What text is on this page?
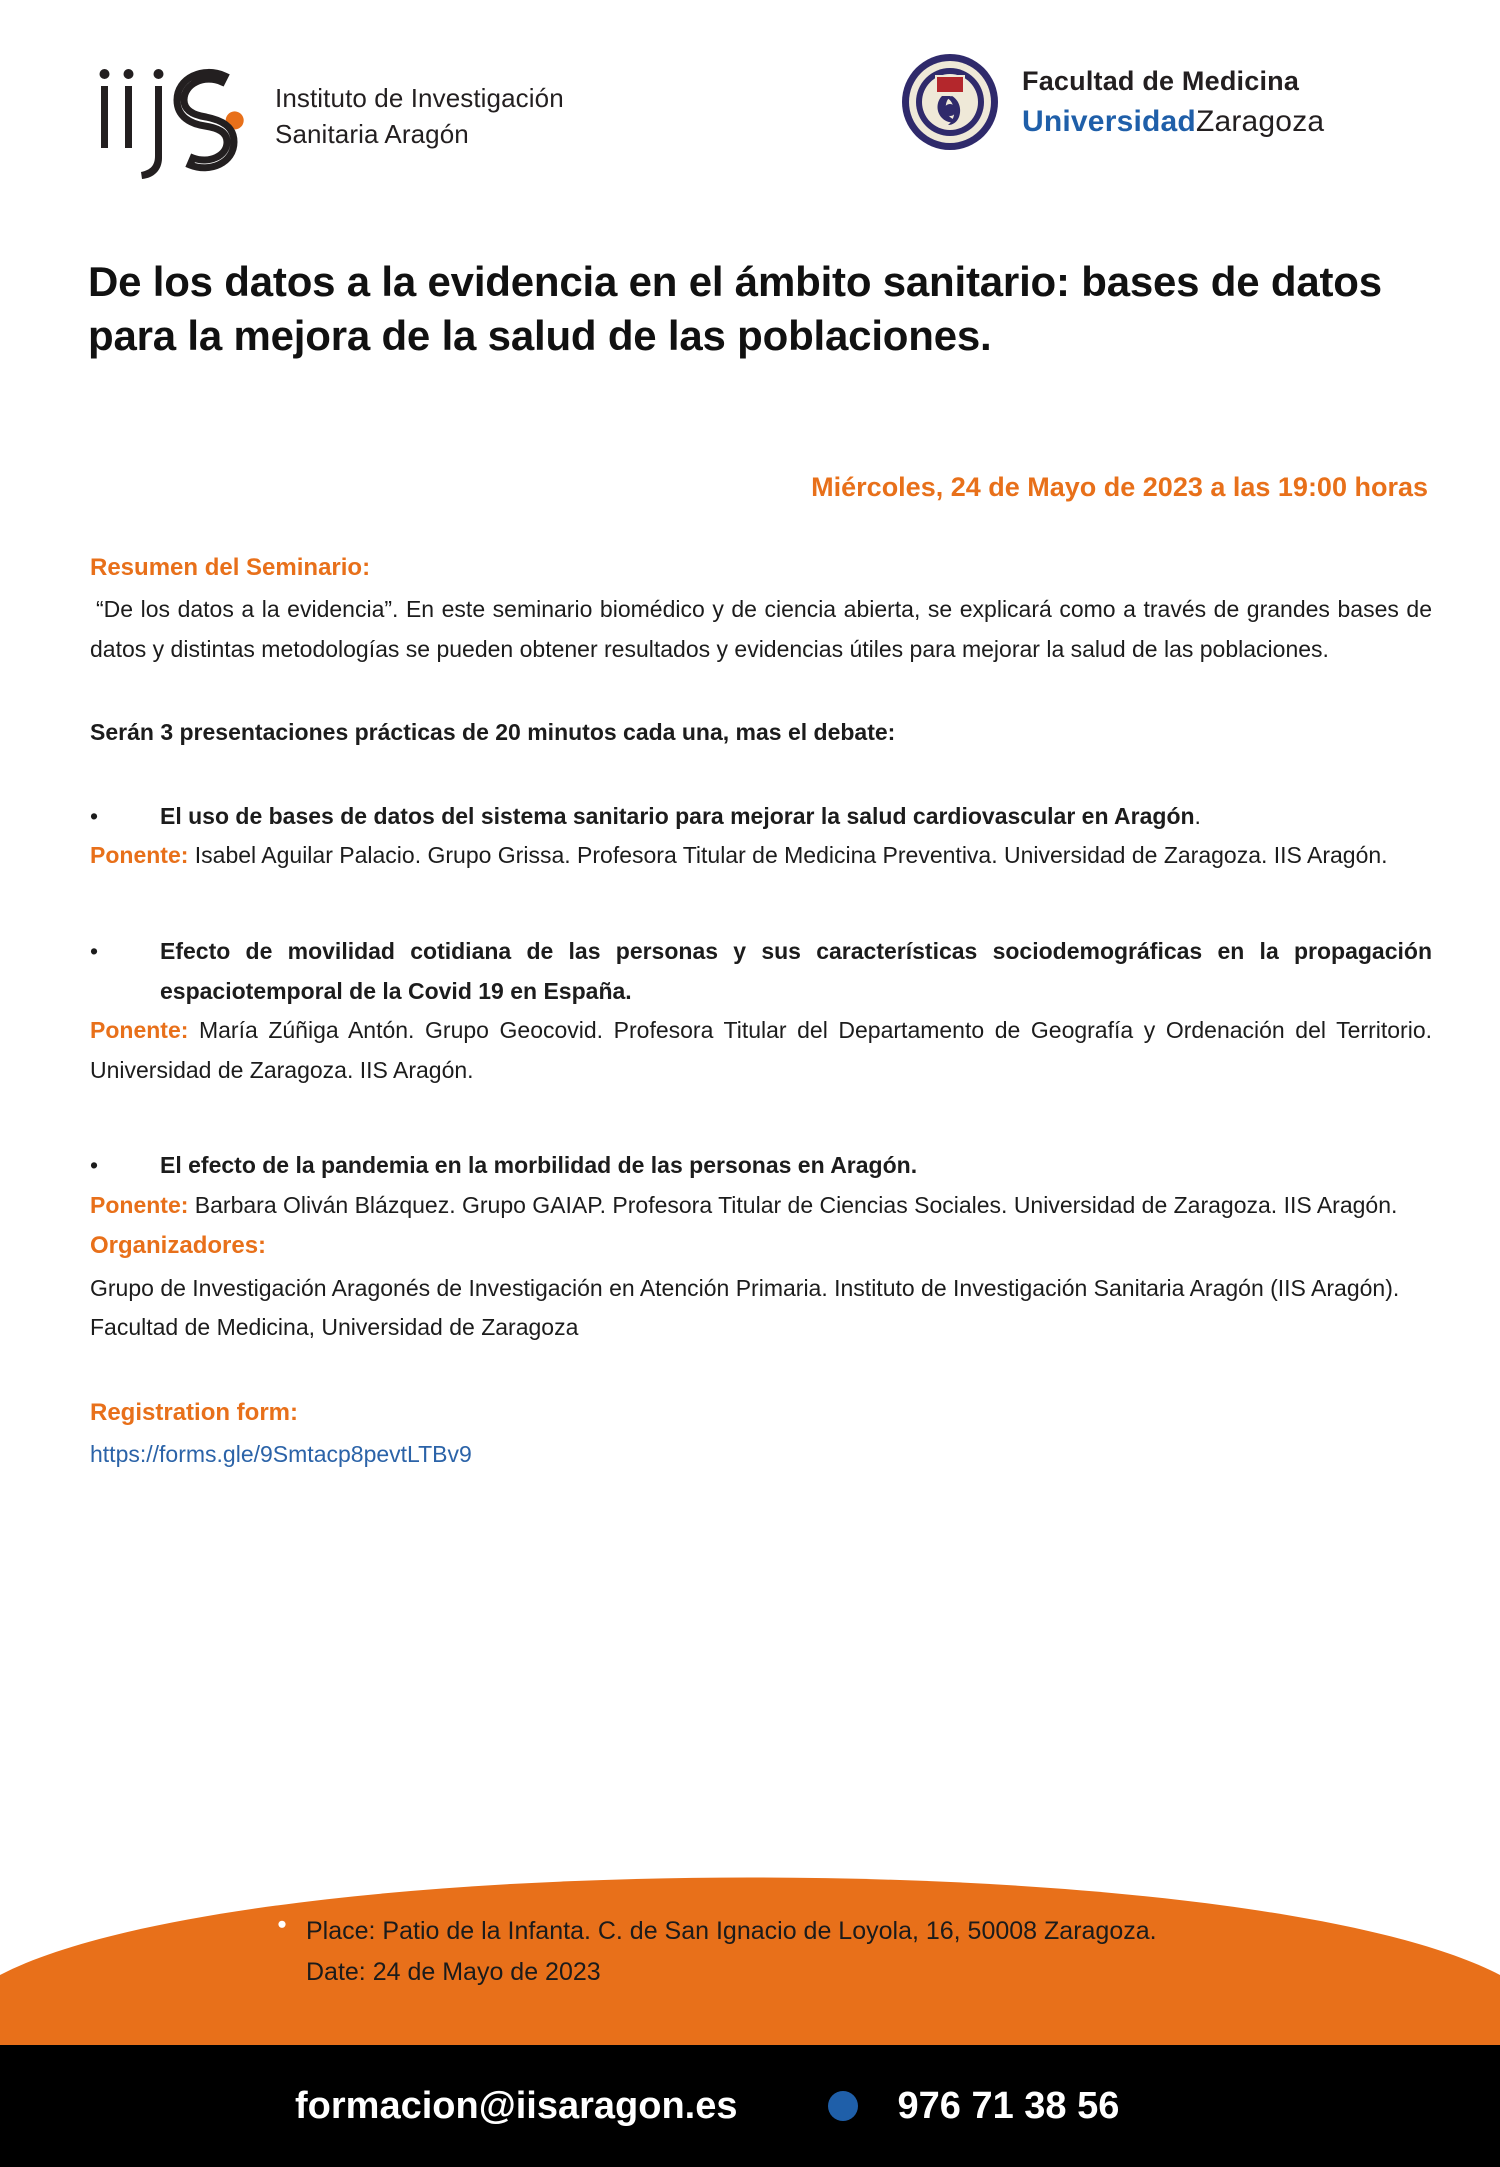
Instituto de Investigación
Sanitaria Aragón
Facultad de Medicina
UniversidadZaragoza
De los datos a la evidencia en el ámbito sanitario: bases de datos para la mejora de la salud de las poblaciones.
Miércoles, 24 de Mayo de 2023 a las 19:00 horas
Resumen del Seminario:

“De los datos a la evidencia”. En este seminario biomédico y de ciencia abierta, se explicará como a través de grandes bases de datos y distintas metodologías se pueden obtener resultados y evidencias útiles para mejorar la salud de las poblaciones.

Serán 3 presentaciones prácticas de 20 minutos cada una, mas el debate:
•	El uso de bases de datos del sistema sanitario para mejorar la salud cardiovascular en Aragón.

Ponente: Isabel Aguilar Palacio. Grupo Grissa. Profesora Titular de Medicina Preventiva. Universidad de Zaragoza. IIS Aragón.

•	Efecto de movilidad cotidiana de las personas y sus características sociodemográficas en la propagación espaciotemporal de la Covid 19 en España.

Ponente: María Zúñiga Antón. Grupo Geocovid. Profesora Titular del Departamento de Geografía y Ordenación del Territorio. Universidad de Zaragoza. IIS Aragón.

•	El efecto de la pandemia en la morbilidad de las personas en Aragón.

Ponente: Barbara Oliván Blázquez. Grupo GAIAP. Profesora Titular de Ciencias Sociales. Universidad de Zaragoza. IIS Aragón.

Organizadores:

Grupo de Investigación Aragonés de Investigación en Atención Primaria. Instituto de Investigación Sanitaria Aragón (IIS Aragón).

Facultad de Medicina, Universidad de Zaragoza

Registration form:
https://forms.gle/9Smtacp8pevtLTBv9
Place: Patio de la Infanta. C. de San Ignacio de Loyola, 16, 50008 Zaragoza.
Date: 24 de Mayo de 2023
formacion@iisaragon.es	976 71 38 56
